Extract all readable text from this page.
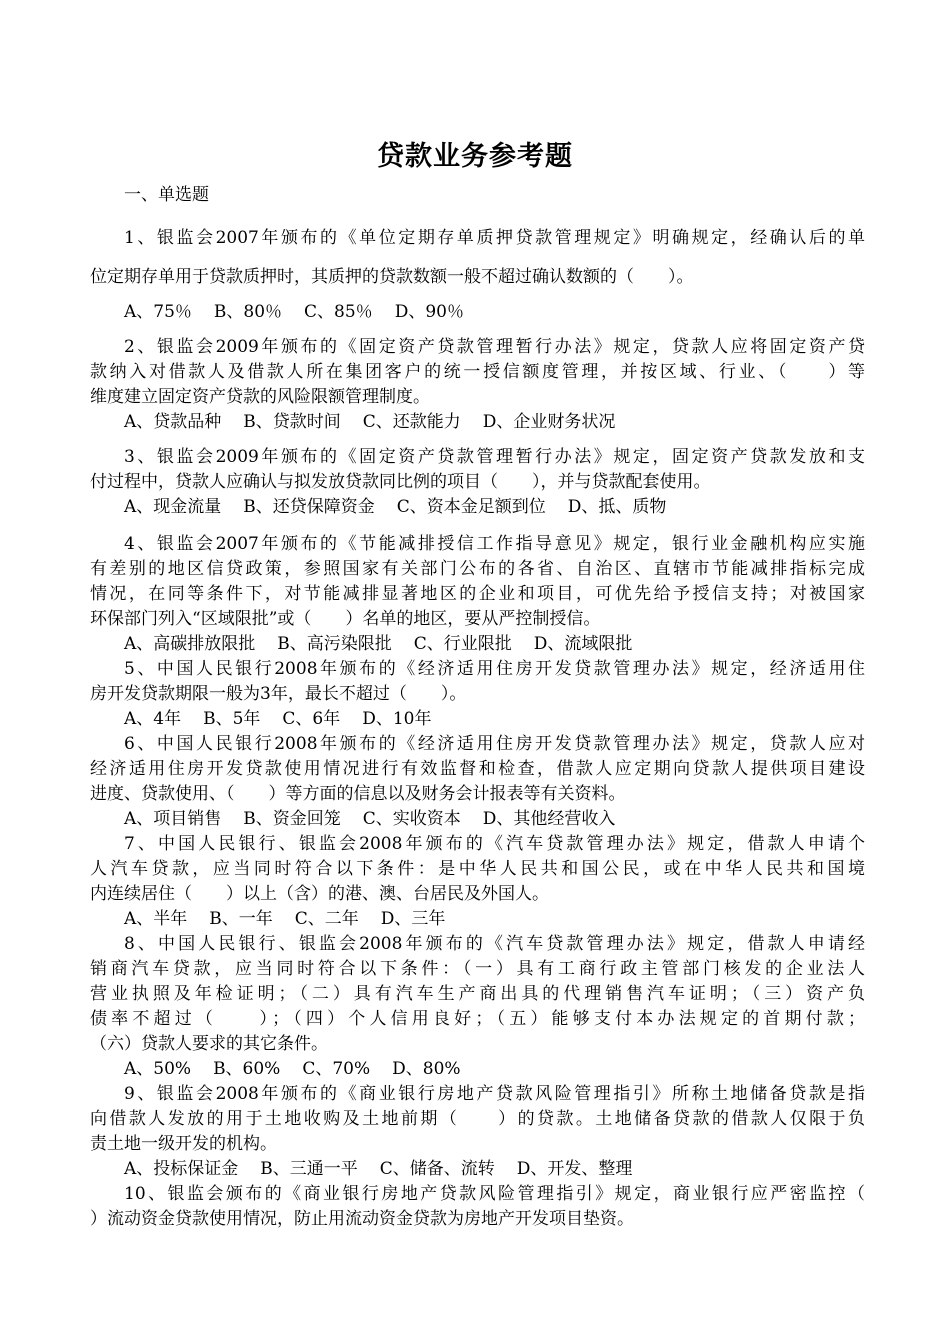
贷款业务参考题
一、单选题
1、银监会2007年颁布的《单位定期存单质押贷款管理规定》明确规定，经确认后的单
位定期存单用于贷款质押时，其质押的贷款数额一般不超过确认数额的（　　）。
A、75％ B、80％ C、85％ D、90％
2、银监会2009年颁布的《固定资产贷款管理暂行办法》规定，贷款人应将固定资产贷
款纳入对借款人及借款人所在集团客户的统一授信额度管理，并按区域、行业、（　　）等
维度建立固定资产贷款的风险限额管理制度。
A、贷款品种 B、贷款时间 C、还款能力 D、企业财务状况
3、银监会2009年颁布的《固定资产贷款管理暂行办法》规定，固定资产贷款发放和支
付过程中，贷款人应确认与拟发放贷款同比例的项目（　　），并与贷款配套使用。
A、现金流量 B、还贷保障资金 C、资本金足额到位 D、抵、质物
4、银监会2007年颁布的《节能减排授信工作指导意见》规定，银行业金融机构应实施
有差别的地区信贷政策，参照国家有关部门公布的各省、自治区、直辖市节能减排指标完成
情况，在同等条件下，对节能减排显著地区的企业和项目，可优先给予授信支持；对被国家
环保部门列入“区域限批”或（　　）名单的地区，要从严控制授信。
A、高碳排放限批 B、高污染限批 C、行业限批 D、流域限批
5、中国人民银行2008年颁布的《经济适用住房开发贷款管理办法》规定，经济适用住
房开发贷款期限一般为3年，最长不超过（　　）。
A、4年 B、5年 C、6年 D、10年
6、中国人民银行2008年颁布的《经济适用住房开发贷款管理办法》规定，贷款人应对
经济适用住房开发贷款使用情况进行有效监督和检查，借款人应定期向贷款人提供项目建设
进度、贷款使用、（　　）等方面的信息以及财务会计报表等有关资料。
A、项目销售 B、资金回笼 C、实收资本 D、其他经营收入
7、中国人民银行、银监会2008年颁布的《汽车贷款管理办法》规定，借款人申请个
人汽车贷款，应当同时符合以下条件：是中华人民共和国公民，或在中华人民共和国境
内连续居住（　　）以上（含）的港、澳、台居民及外国人。
A、半年 B、一年 C、二年 D、三年
8、中国人民银行、银监会2008年颁布的《汽车贷款管理办法》规定，借款人申请经
销商汽车贷款，应当同时符合以下条件：（一）具有工商行政主管部门核发的企业法人
营业执照及年检证明；（二）具有汽车生产商出具的代理销售汽车证明；（三）资产负
债率不超过（　　）；（四）个人信用良好；（五）能够支付本办法规定的首期付款；
（六）贷款人要求的其它条件。
A、50% B、60% C、70% D、80%
9、银监会2008年颁布的《商业银行房地产贷款风险管理指引》所称土地储备贷款是指
向借款人发放的用于土地收购及土地前期（　　）的贷款。土地储备贷款的借款人仅限于负
责土地一级开发的机构。
A、投标保证金 B、三通一平 C、储备、流转 D、开发、整理
10、银监会颁布的《商业银行房地产贷款风险管理指引》规定，商业银行应严密监控（
）流动资金贷款使用情况，防止用流动资金贷款为房地产开发项目垫资。
